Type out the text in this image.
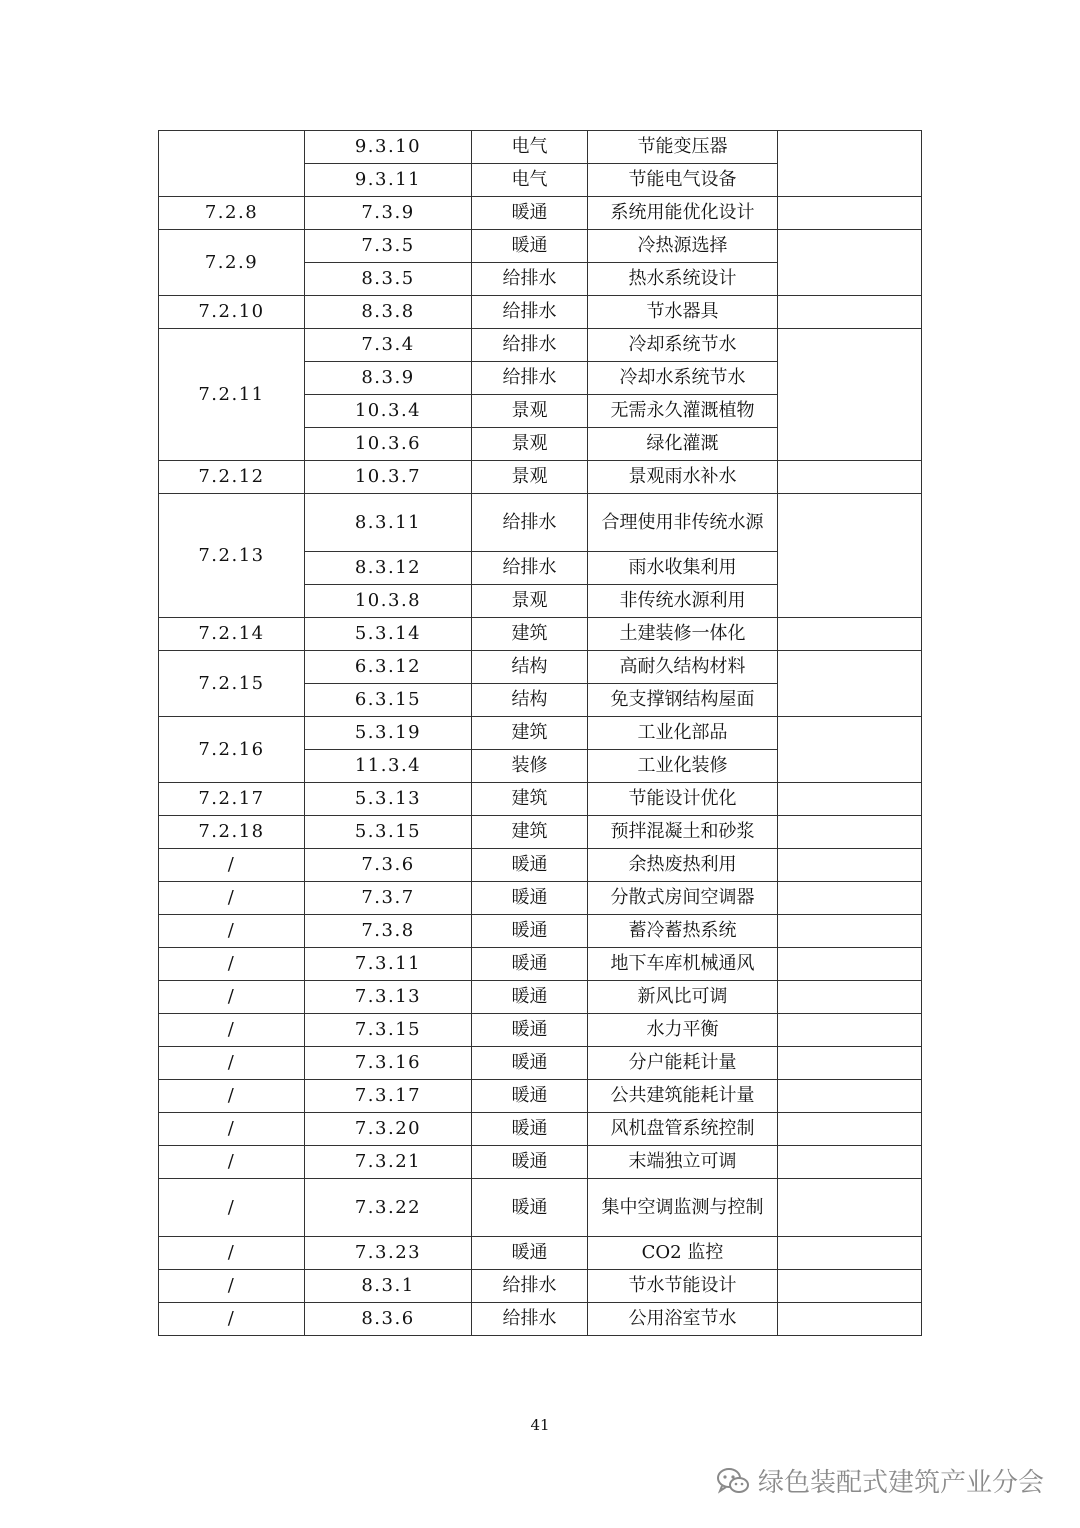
	9.3.10	电气	节能变压器	
	9.3.11	电气	节能电气设备	
7.2.8	7.3.9	暖通	系统用能优化设计	
7.2.9	7.3.5	暖通	冷热源选择	
	8.3.5	给排水	热水系统设计	
7.2.10	8.3.8	给排水	节水器具	
7.2.11	7.3.4	给排水	冷却系统节水	
	8.3.9	给排水	冷却水系统节水	
	10.3.4	景观	无需永久灌溉植物	
	10.3.6	景观	绿化灌溉	
7.2.12	10.3.7	景观	景观雨水补水	
7.2.13	8.3.11	给排水	合理使用非传统水源	
	8.3.12	给排水	雨水收集利用	
	10.3.8	景观	非传统水源利用	
7.2.14	5.3.14	建筑	土建装修一体化	
7.2.15	6.3.12	结构	高耐久结构材料	
	6.3.15	结构	免支撑钢结构屋面	
7.2.16	5.3.19	建筑	工业化部品	
	11.3.4	装修	工业化装修	
7.2.17	5.3.13	建筑	节能设计优化	
7.2.18	5.3.15	建筑	预拌混凝土和砂浆	
/	7.3.6	暖通	余热废热利用	
/	7.3.7	暖通	分散式房间空调器	
/	7.3.8	暖通	蓄冷蓄热系统	
/	7.3.11	暖通	地下车库机械通风	
/	7.3.13	暖通	新风比可调	
/	7.3.15	暖通	水力平衡	
/	7.3.16	暖通	分户能耗计量	
/	7.3.17	暖通	公共建筑能耗计量	
/	7.3.20	暖通	风机盘管系统控制	
/	7.3.21	暖通	末端独立可调	
/	7.3.22	暖通	集中空调监测与控制	
/	7.3.23	暖通	CO2 监控	
/	8.3.1	给排水	节水节能设计	
/	8.3.6	给排水	公用浴室节水	
41
绿色装配式建筑产业分会
